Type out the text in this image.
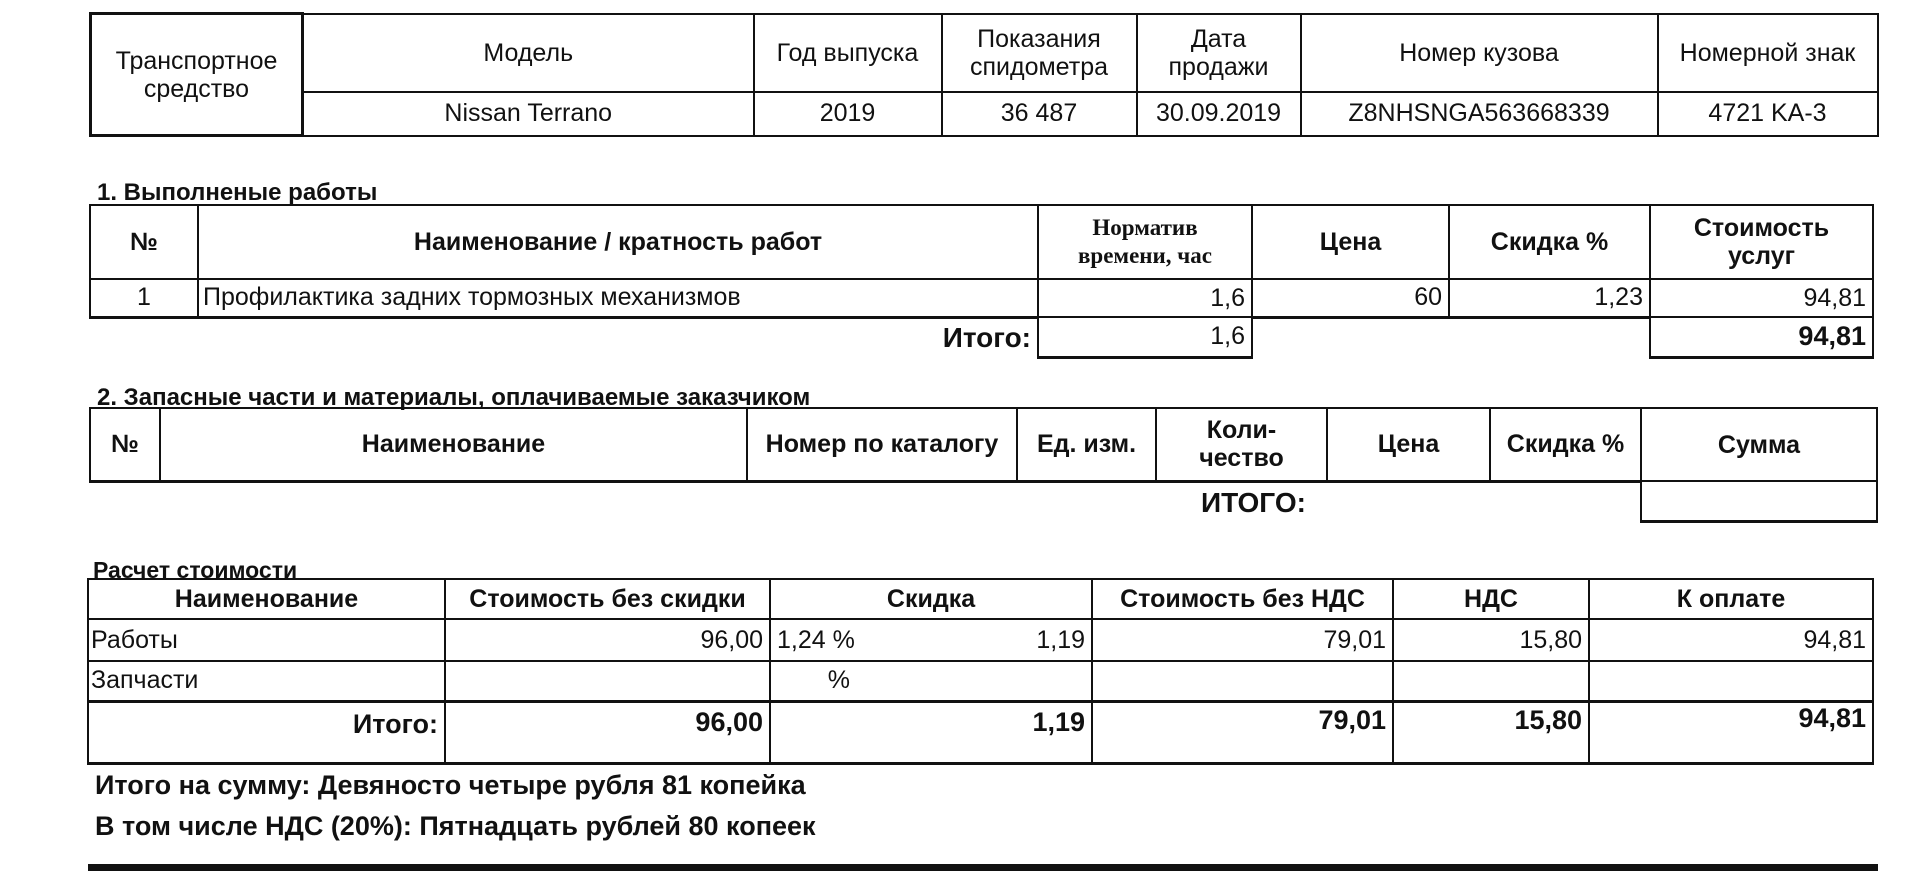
Транспортное средство	Модель	Год выпуска	Показания спидометра	Дата продажи	Номер кузова	Номерной знак
	Nissan Terrano	2019	36 487	30.09.2019	Z8NHSNGA563668339	4721 KA-3
1. Выполненые работы
№	Наименование / кратность работ	Норматив времени, час	Цена	Скидка %	Стоимость услуг
1	Профилактика задних тормозных механизмов	1,6	60	1,23	94,81
Итого:		1,6			94,81
2. Запасные части и материалы, оплачиваемые заказчиком
№	Наименование	Номер по каталогу	Ед. изм.	Коли- чество	Цена	Скидка %	Сумма

ИТОГО:							

Расчет стоимости
Наименование	Стоимость без скидки	Скидка		Стоимость без НДС	НДС	К оплате
Работы	96,00	1,24 %	1,19	79,01	15,80	94,81
Запчасти		%				
Итого:	96,00	1,19		79,01	15,80	94,81
Итого на сумму: Девяносто четыре рубля 81 копейка
В том числе НДС (20%): Пятнадцать рублей 80 копеек
